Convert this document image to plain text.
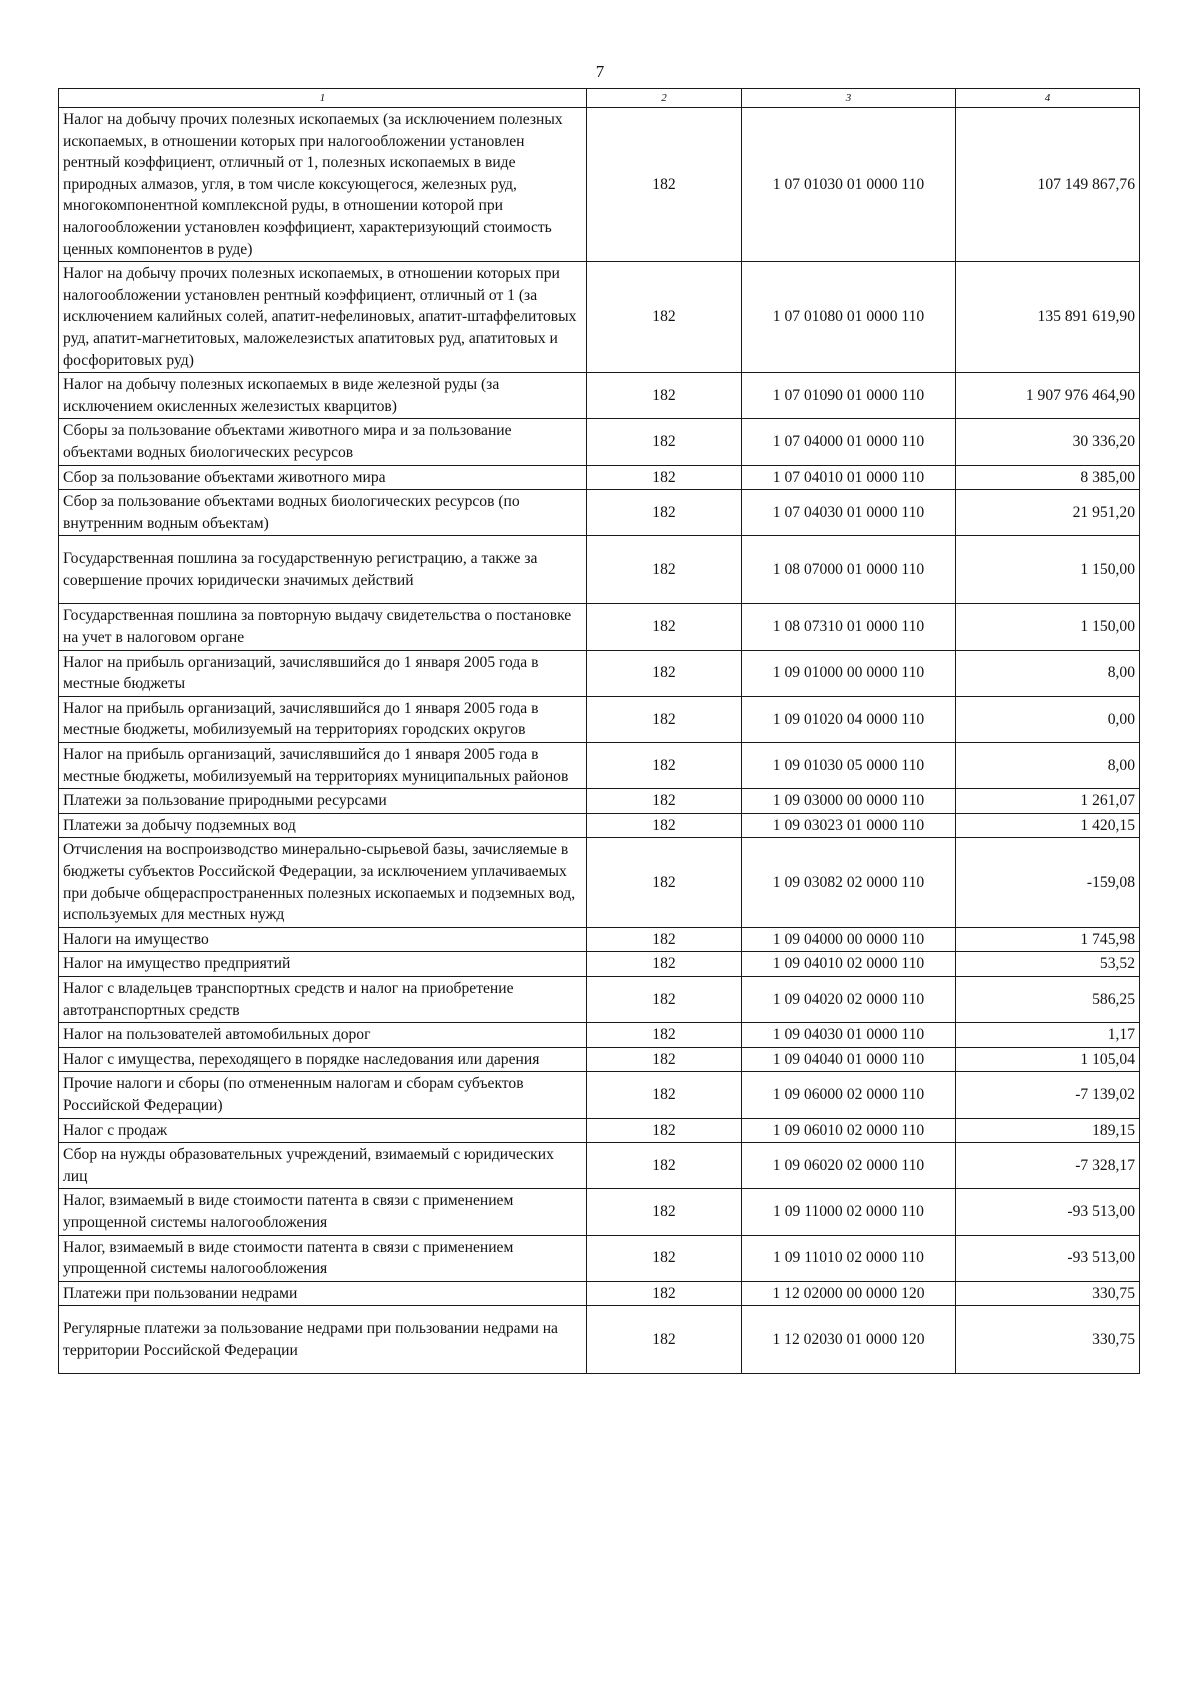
7
1	2	3	4
Налог на добычу прочих полезных ископаемых (за исключением полезных ископаемых, в отношении которых при налогообложении установлен рентный коэффициент, отличный от 1, полезных ископаемых в виде природных алмазов, угля, в том числе коксующегося, железных руд, многокомпонентной комплексной руды, в отношении которой при налогообложении установлен коэффициент, характеризующий стоимость ценных компонентов в руде)	182	1 07 01030 01 0000 110	107 149 867,76
Налог на добычу прочих полезных ископаемых, в отношении которых при налогообложении установлен рентный коэффициент, отличный от 1 (за исключением калийных солей, апатит-нефелиновых, апатит-штаффелитовых руд, апатит-магнетитовых, маложелезистых апатитовых руд, апатитовых и фосфоритовых руд)	182	1 07 01080 01 0000 110	135 891 619,90
Налог на добычу полезных ископаемых в виде железной руды (за исключением окисленных железистых кварцитов)	182	1 07 01090 01 0000 110	1 907 976 464,90
Сборы за пользование объектами животного мира и за пользование объектами водных биологических ресурсов	182	1 07 04000 01 0000 110	30 336,20
Сбор за пользование объектами животного мира	182	1 07 04010 01 0000 110	8 385,00
Сбор за пользование объектами водных биологических ресурсов (по внутренним водным объектам)	182	1 07 04030 01 0000 110	21 951,20
Государственная пошлина за государственную регистрацию, а также за совершение прочих юридически значимых действий	182	1 08 07000 01 0000 110	1 150,00
Государственная пошлина за повторную выдачу свидетельства о постановке на учет в налоговом органе	182	1 08 07310 01 0000 110	1 150,00
Налог на прибыль организаций, зачислявшийся до 1 января 2005 года в местные бюджеты	182	1 09 01000 00 0000 110	8,00
Налог на прибыль организаций, зачислявшийся до 1 января 2005 года в местные бюджеты, мобилизуемый на территориях городских округов	182	1 09 01020 04 0000 110	0,00
Налог на прибыль организаций, зачислявшийся до 1 января 2005 года в местные бюджеты, мобилизуемый на территориях муниципальных районов	182	1 09 01030 05 0000 110	8,00
Платежи за пользование природными ресурсами	182	1 09 03000 00 0000 110	1 261,07
Платежи за добычу подземных вод	182	1 09 03023 01 0000 110	1 420,15
Отчисления на воспроизводство минерально-сырьевой базы, зачисляемые в бюджеты субъектов Российской Федерации, за исключением уплачиваемых при добыче общераспространенных полезных ископаемых и подземных вод, используемых для местных нужд	182	1 09 03082 02 0000 110	-159,08
Налоги на имущество	182	1 09 04000 00 0000 110	1 745,98
Налог на имущество предприятий	182	1 09 04010 02 0000 110	53,52
Налог с владельцев транспортных средств и налог на приобретение автотранспортных средств	182	1 09 04020 02 0000 110	586,25
Налог на пользователей автомобильных дорог	182	1 09 04030 01 0000 110	1,17
Налог с имущества, переходящего в порядке наследования или дарения	182	1 09 04040 01 0000 110	1 105,04
Прочие налоги и сборы (по отмененным налогам и сборам субъектов Российской Федерации)	182	1 09 06000 02 0000 110	-7 139,02
Налог с продаж	182	1 09 06010 02 0000 110	189,15
Сбор на нужды образовательных учреждений, взимаемый с юридических лиц	182	1 09 06020 02 0000 110	-7 328,17
Налог, взимаемый в виде стоимости патента в связи с применением упрощенной системы налогообложения	182	1 09 11000 02 0000 110	-93 513,00
Налог, взимаемый в виде стоимости патента в связи с применением упрощенной системы налогообложения	182	1 09 11010 02 0000 110	-93 513,00
Платежи при пользовании недрами	182	1 12 02000 00 0000 120	330,75
Регулярные платежи за пользование недрами при пользовании недрами на территории Российской Федерации	182	1 12 02030 01 0000 120	330,75
